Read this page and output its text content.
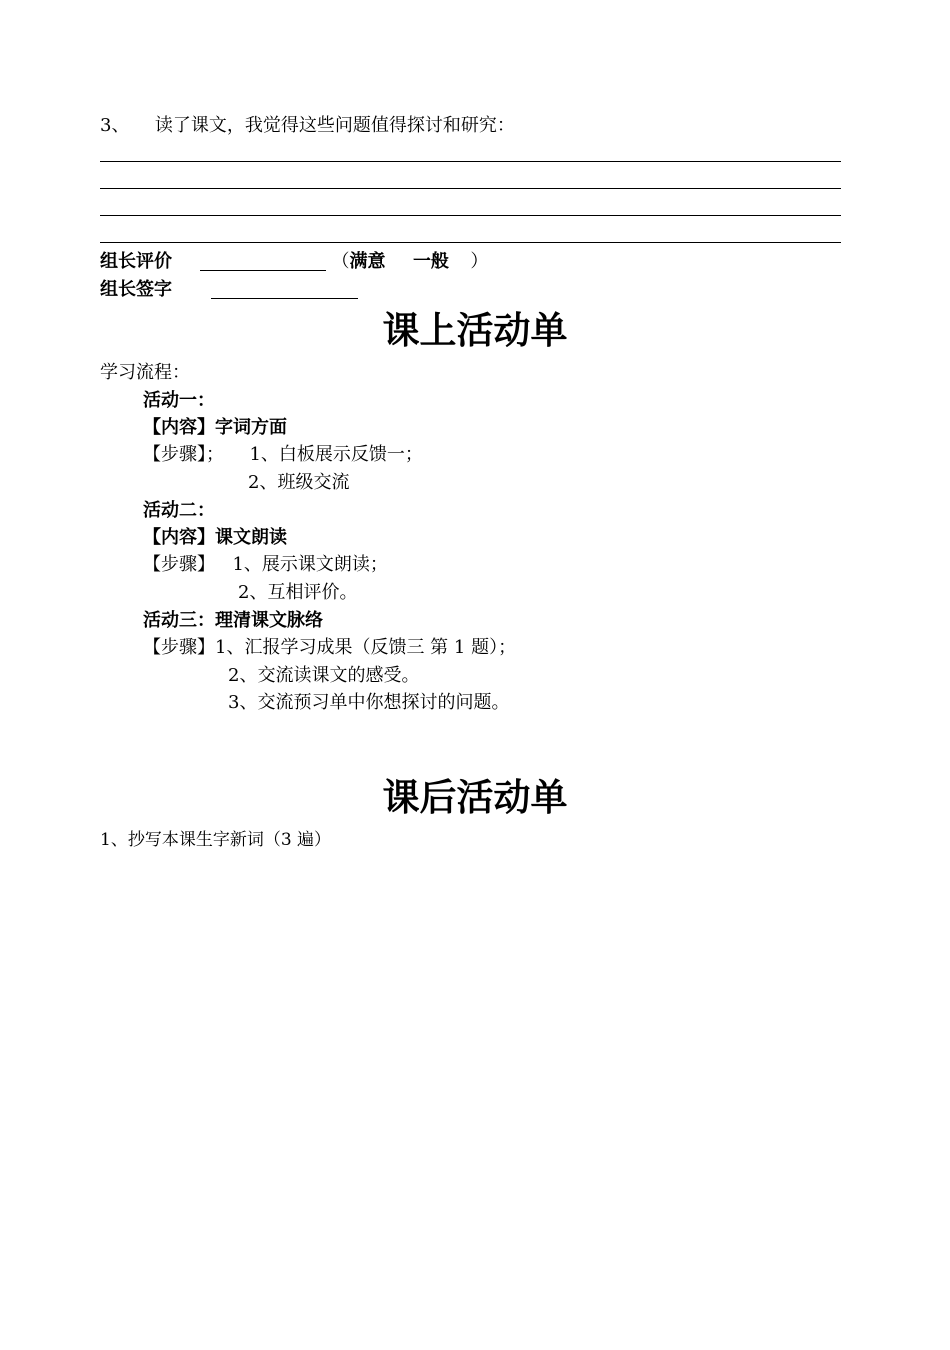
3、 读了课文，我觉得这些问题值得探讨和研究：
组长评价	（满意 一般 ）
组长签字
课上活动单
学习流程：
活动一：
【内容】字词方面
【步骤】； 1、白板展示反馈一；
2、班级交流
活动二：
【内容】课文朗读
【步骤】 1、展示课文朗读；
2、互相评价。
活动三：理清课文脉络
【步骤】1、汇报学习成果（反馈三 第 1 题）；
2、交流读课文的感受。
3、交流预习单中你想探讨的问题。
课后活动单
1、抄写本课生字新词（3 遍）
